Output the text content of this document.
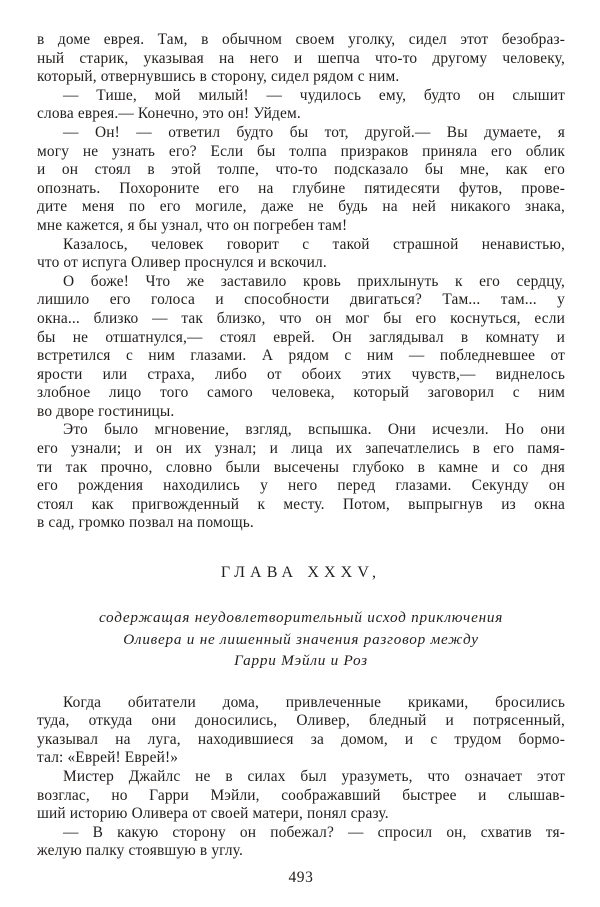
в доме еврея. Там, в обычном своем уголку, сидел этот безобраз-
ный старик, указывая на него и шепча что-то другому человеку,
который, отвернувшись в сторону, сидел рядом с ним.
— Тише, мой милый! — чудилось ему, будто он слышит
слова еврея.— Конечно, это он! Уйдем.
— Он! — ответил будто бы тот, другой.— Вы думаете, я
могу не узнать его? Если бы толпа призраков приняла его облик
и он стоял в этой толпе, что-то подсказало бы мне, как его
опознать. Похороните его на глубине пятидесяти футов, прове-
дите меня по его могиле, даже не будь на ней никакого знака,
мне кажется, я бы узнал, что он погребен там!
Казалось, человек говорит с такой страшной ненавистью,
что от испуга Оливер проснулся и вскочил.
О боже! Что же заставило кровь прихлынуть к его сердцу,
лишило его голоса и способности двигаться? Там... там... у
окна... близко — так близко, что он мог бы его коснуться, если
бы не отшатнулся,— стоял еврей. Он заглядывал в комнату и
встретился с ним глазами. А рядом с ним — побледневшее от
ярости или страха, либо от обоих этих чувств,— виднелось
злобное лицо того самого человека, который заговорил с ним
во дворе гостиницы.
Это было мгновение, взгляд, вспышка. Они исчезли. Но они
его узнали; и он их узнал; и лица их запечатлелись в его памя-
ти так прочно, словно были высечены глубоко в камне и со дня
его рождения находились у него перед глазами. Секунду он
стоял как пригвожденный к месту. Потом, выпрыгнув из окна
в сад, громко позвал на помощь.
ГЛАВА XXXV,
содержащая неудовлетворительный исход приключения
Оливера и не лишенный значения разговор между
Гарри Мэйли и Роз
Когда обитатели дома, привлеченные криками, бросились
туда, откуда они доносились, Оливер, бледный и потрясенный,
указывал на луга, находившиеся за домом, и с трудом бормо-
тал: «Еврей! Еврей!»
Мистер Джайлс не в силах был уразуметь, что означает этот
возглас, но Гарри Мэйли, соображавший быстрее и слышав-
ший историю Оливера от своей матери, понял сразу.
— В какую сторону он побежал? — спросил он, схватив тя-
желую палку стоявшую в углу.
493
